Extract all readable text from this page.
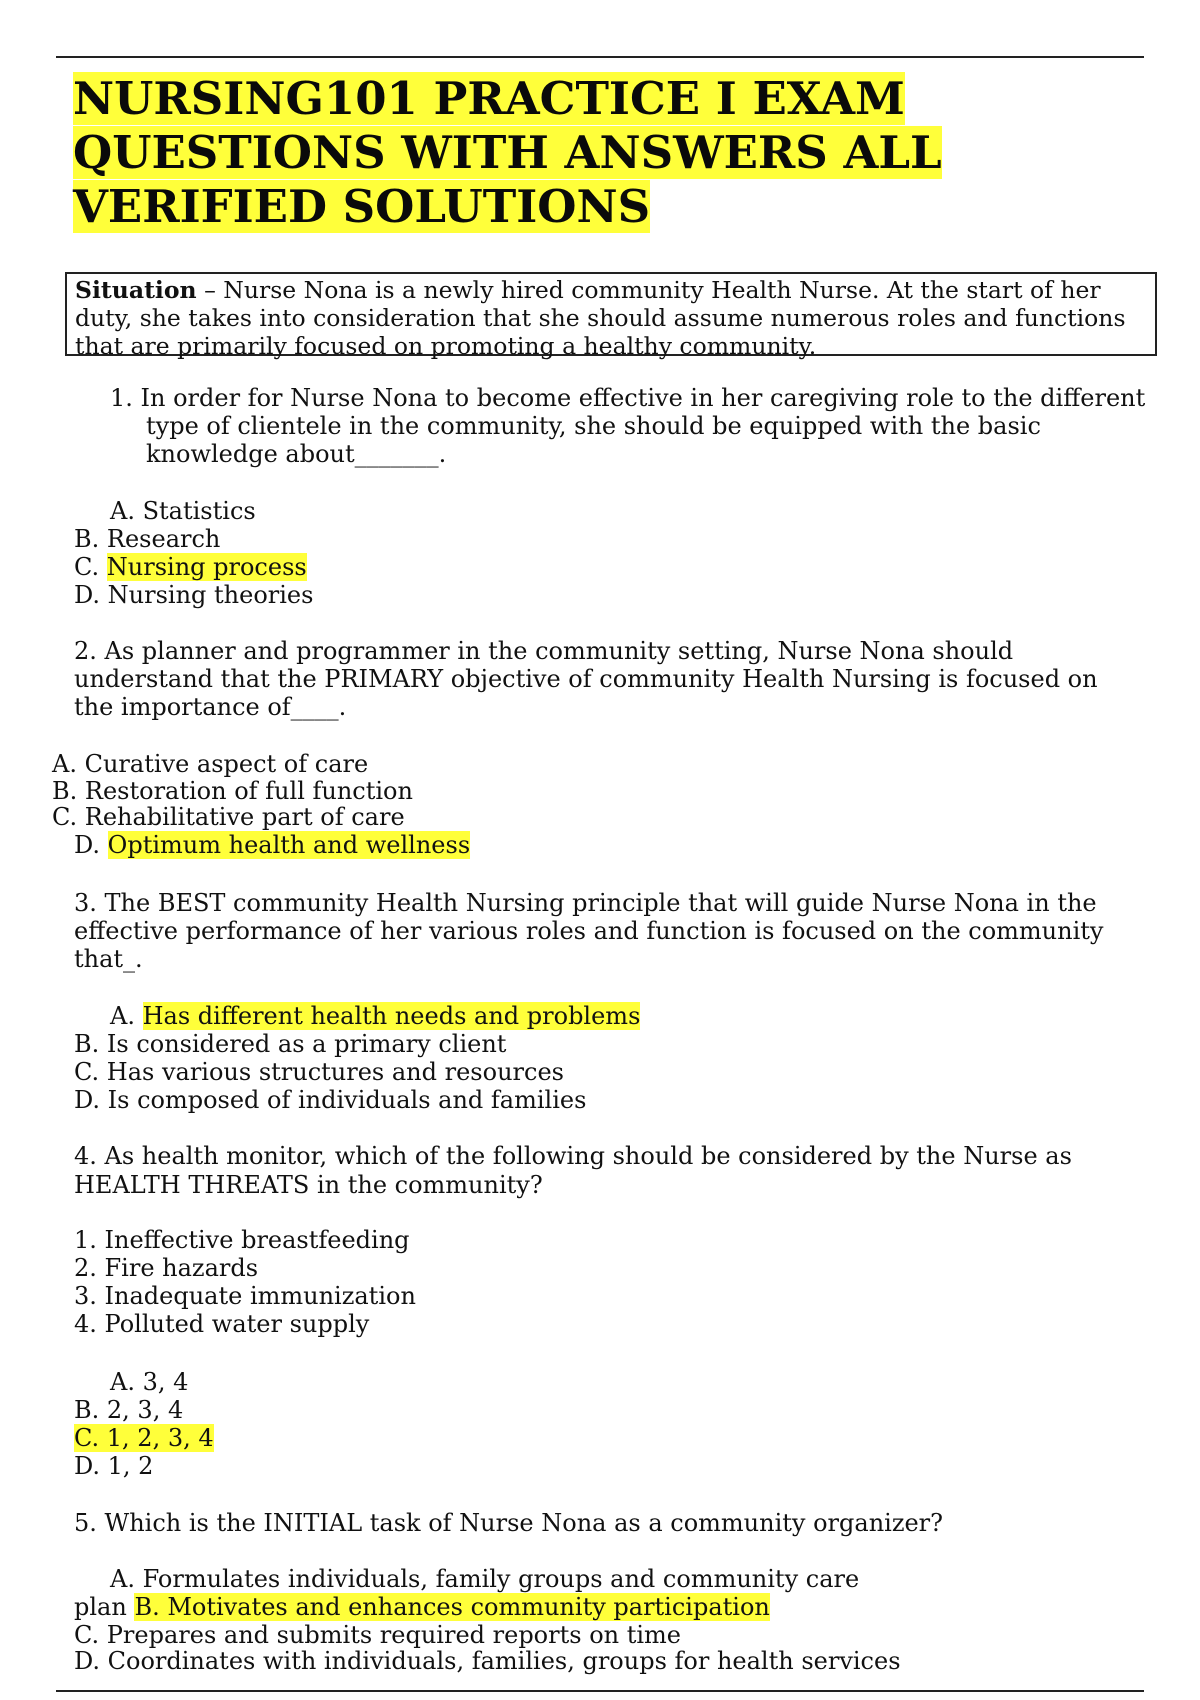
NURSING101 PRACTICE I EXAM
QUESTIONS WITH ANSWERS ALL
VERIFIED SOLUTIONS
Situation – Nurse Nona is a newly hired community Health Nurse. At the start of her
duty, she takes into consideration that she should assume numerous roles and functions
that are primarily focused on promoting a healthy community.
1. In order for Nurse Nona to become effective in her caregiving role to the different
type of clientele in the community, she should be equipped with the basic
knowledge about_______.
A. Statistics
B. Research
C. Nursing process
D. Nursing theories
2. As planner and programmer in the community setting, Nurse Nona should
understand that the PRIMARY objective of community Health Nursing is focused on
the importance of____.
A. Curative aspect of care
B. Restoration of full function
C. Rehabilitative part of care
D. Optimum health and wellness
3. The BEST community Health Nursing principle that will guide Nurse Nona in the
effective performance of her various roles and function is focused on the community
that_.
A. Has different health needs and problems
B. Is considered as a primary client
C. Has various structures and resources
D. Is composed of individuals and families
4. As health monitor, which of the following should be considered by the Nurse as
HEALTH THREATS in the community?
1. Ineffective breastfeeding
2. Fire hazards
3. Inadequate immunization
4. Polluted water supply
A. 3, 4
B. 2, 3, 4
C. 1, 2, 3, 4
D. 1, 2
5. Which is the INITIAL task of Nurse Nona as a community organizer?
A. Formulates individuals, family groups and community care
plan B. Motivates and enhances community participation
C. Prepares and submits required reports on time
D. Coordinates with individuals, families, groups for health services
